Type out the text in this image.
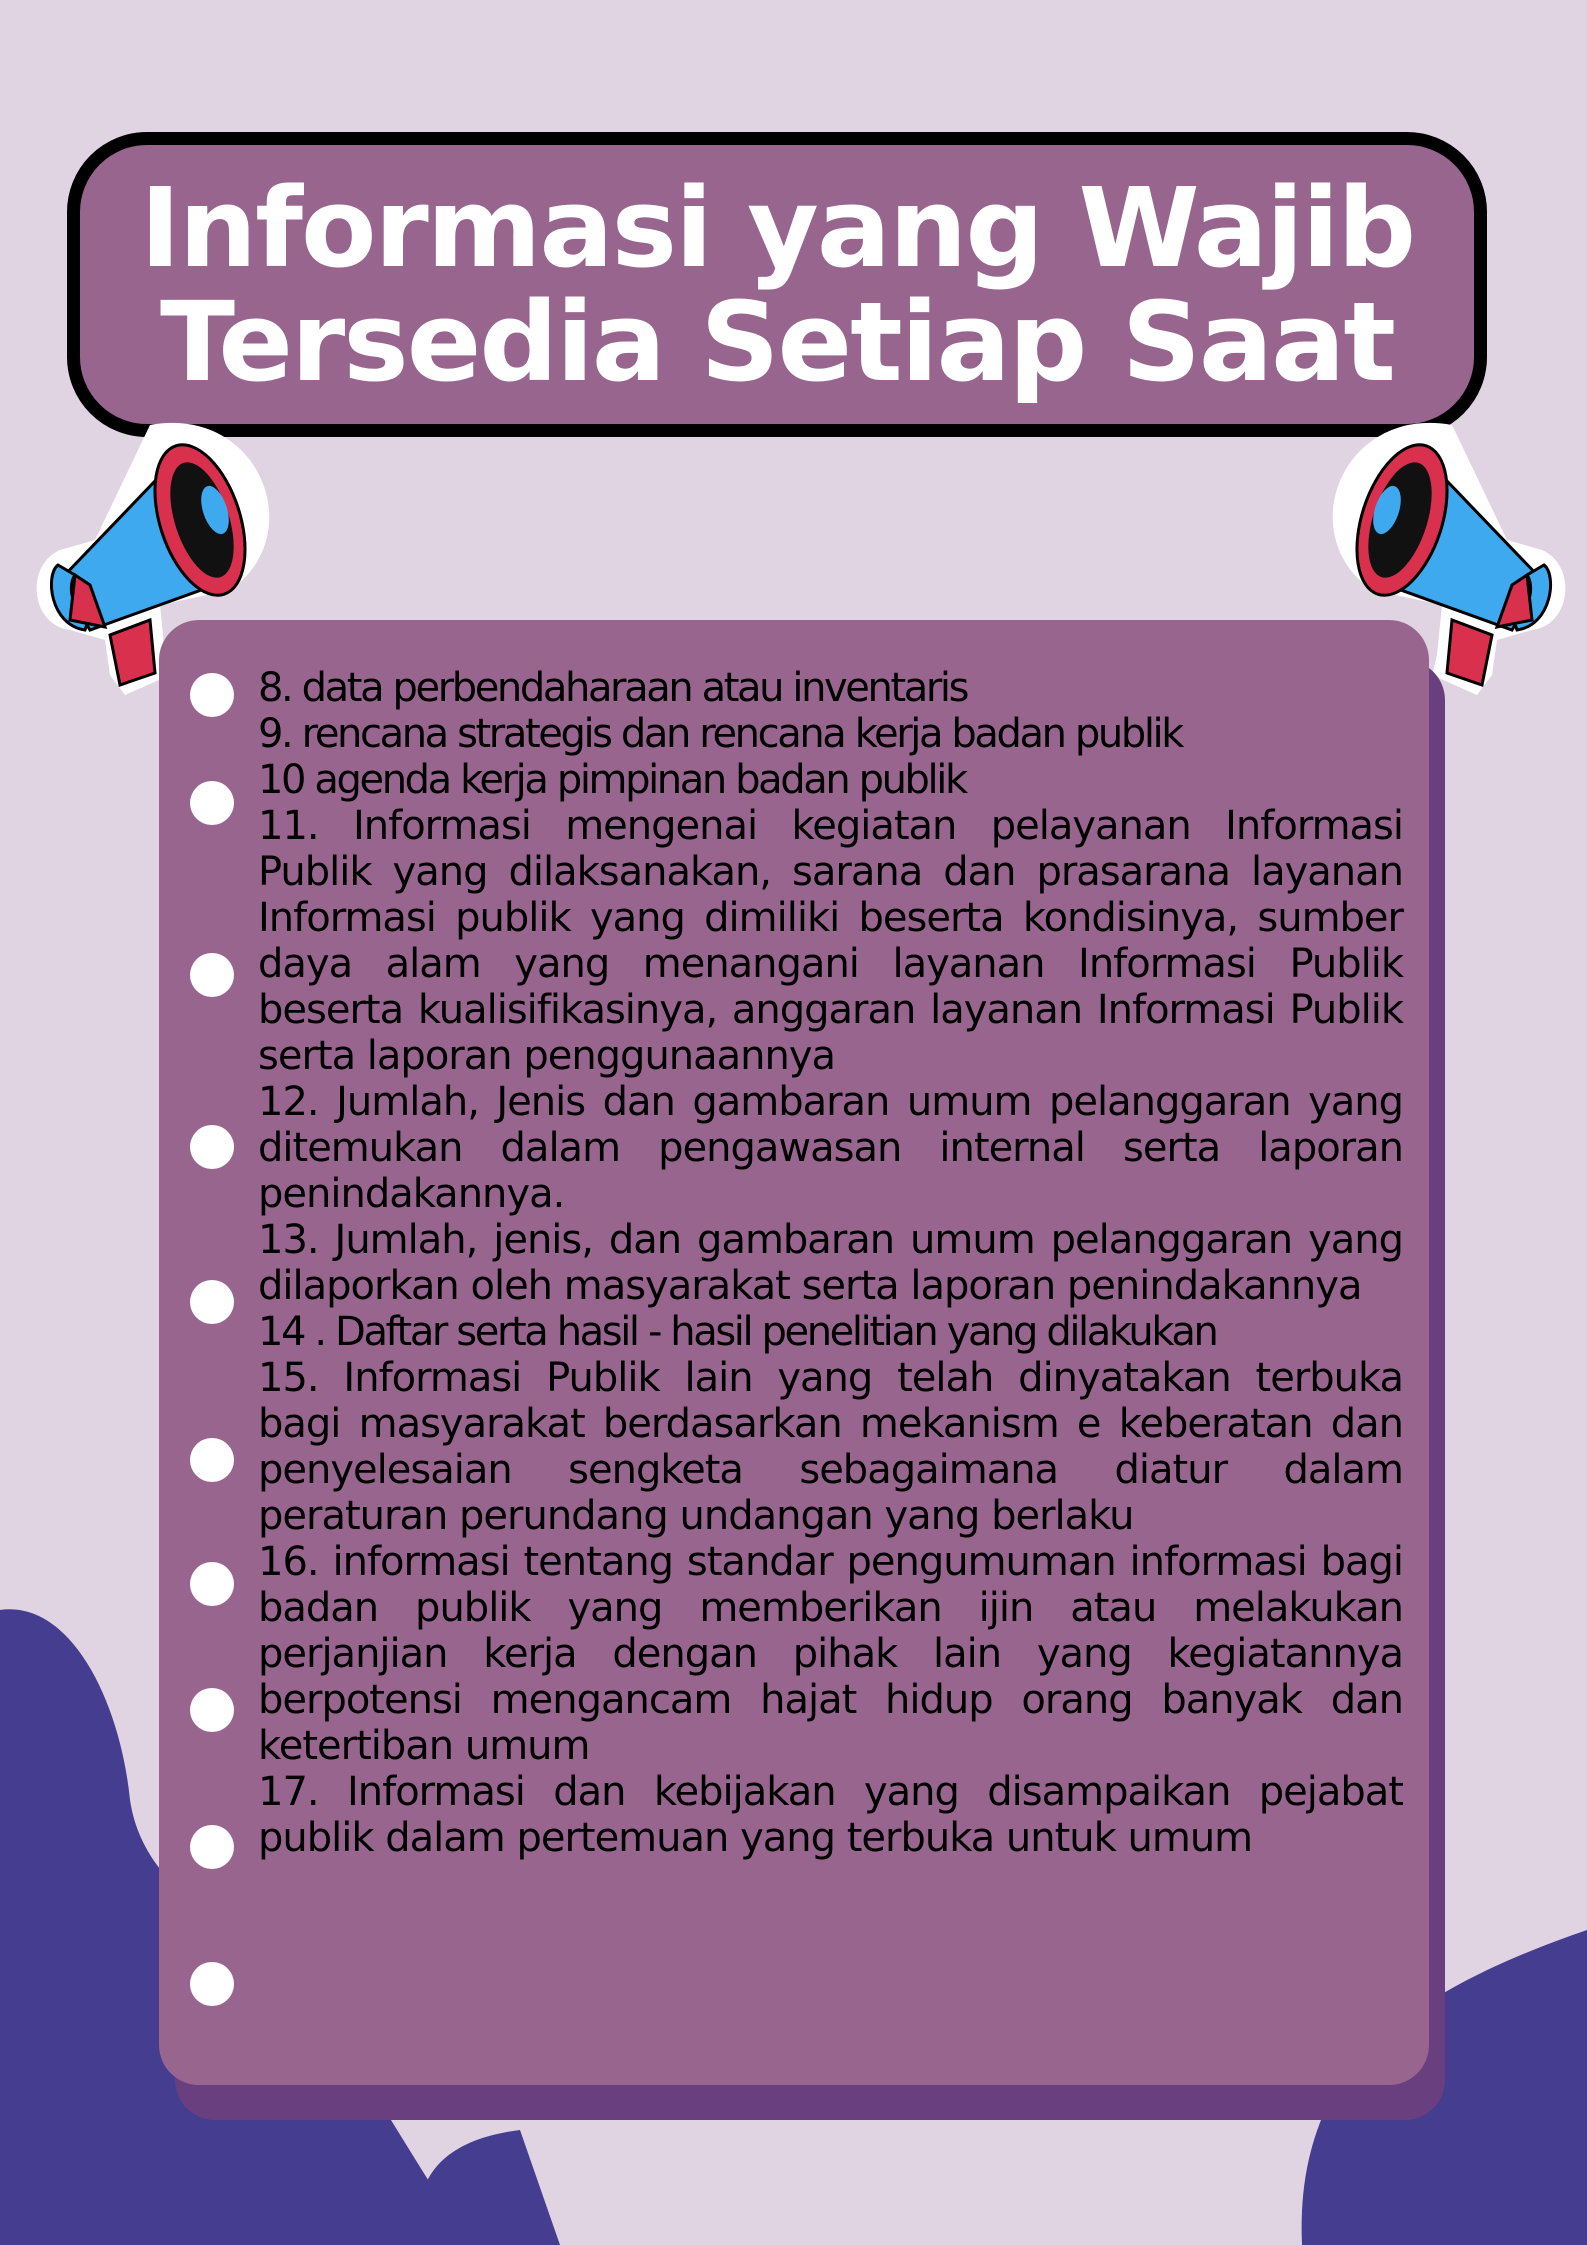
Informasi yang Wajib
Tersedia Setiap Saat

8. data perbendaharaan atau inventaris

9. rencana strategis dan rencana kerja badan publik

10 agenda kerja pimpinan badan publik

11. Informasi mengenai kegiatan pelayanan Informasi Publik yang dilaksanakan, sarana dan prasarana layanan Informasi publik yang dimiliki beserta kondisinya, sumber daya alam yang menangani layanan Informasi Publik beserta kualisifikasinya, anggaran layanan Informasi Publik serta laporan penggunaannya

12. Jumlah, Jenis dan gambaran umum pelanggaran yang ditemukan dalam pengawasan internal serta laporan penindakannya.

13. Jumlah, jenis, dan gambaran umum pelanggaran yang dilaporkan oleh masyarakat serta laporan penindakannya

14 . Daftar serta hasil - hasil penelitian yang dilakukan

15. Informasi Publik lain yang telah dinyatakan terbuka bagi masyarakat berdasarkan mekanism e keberatan dan penyelesaian sengketa sebagaimana diatur dalam peraturan perundang undangan yang berlaku

16. informasi tentang standar pengumuman informasi bagi badan publik yang memberikan ijin atau melakukan perjanjian kerja dengan pihak lain yang kegiatannya berpotensi mengancam hajat hidup orang banyak dan ketertiban umum

17. Informasi dan kebijakan yang disampaikan pejabat publik dalam pertemuan yang terbuka untuk umum
